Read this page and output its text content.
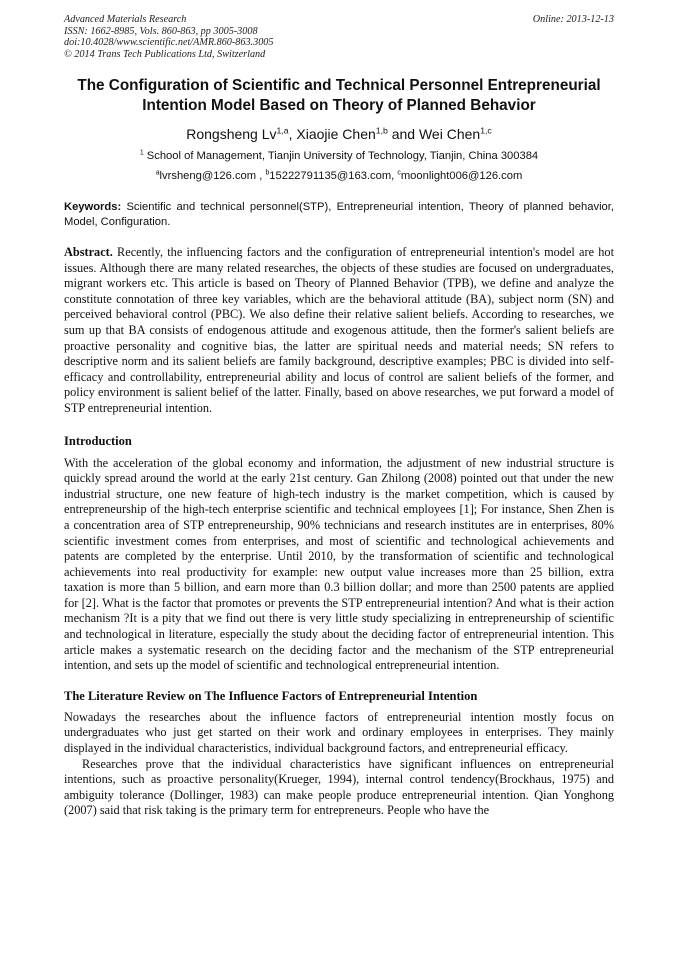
Advanced Materials Research
ISSN: 1662-8985, Vols. 860-863, pp 3005-3008
doi:10.4028/www.scientific.net/AMR.860-863.3005
© 2014 Trans Tech Publications Ltd, Switzerland
Online: 2013-12-13
The Configuration of Scientific and Technical Personnel Entrepreneurial Intention Model Based on Theory of Planned Behavior
Rongsheng Lv$^{1,a}$, Xiaojie Chen$^{1,b}$ and Wei Chen$^{1,c}$
$^1$ School of Management, Tianjin University of Technology, Tianjin, China 300384
$^a$lvrsheng@126.com , $^b$15222791135@163.com, $^c$moonlight006@126.com
Keywords: Scientific and technical personnel(STP), Entrepreneurial intention, Theory of planned behavior, Model, Configuration.

Abstract. Recently, the influencing factors and the configuration of entrepreneurial intention's model are hot issues. Although there are many related researches, the objects of these studies are focused on undergraduates, migrant workers etc. This article is based on Theory of Planned Behavior (TPB), we define and analyze the constitute connotation of three key variables, which are the behavioral attitude (BA), subject norm (SN) and perceived behavioral control (PBC). We also define their relative salient beliefs. According to researches, we sum up that BA consists of endogenous attitude and exogenous attitude, then the former's salient beliefs are proactive personality and cognitive bias, the latter are spiritual needs and material needs; SN refers to descriptive norm and its salient beliefs are family background, descriptive examples; PBC is divided into self-efficacy and controllability, entrepreneurial ability and locus of control are salient beliefs of the former, and policy environment is salient belief of the latter. Finally, based on above researches, we put forward a model of STP entrepreneurial intention.

Introduction

With the acceleration of the global economy and information, the adjustment of new industrial structure is quickly spread around the world at the early 21st century. Gan Zhilong (2008) pointed out that under the new industrial structure, one new feature of high-tech industry is the market competition, which is caused by entrepreneurship of the high-tech enterprise scientific and technical employees [1]; For instance, Shen Zhen is a concentration area of STP entrepreneurship, 90% technicians and research institutes are in enterprises, 80% scientific investment comes from enterprises, and most of scientific and technological achievements and patents are completed by the enterprise. Until 2010, by the transformation of scientific and technological achievements into real productivity for example: new output value increases more than 25 billion, extra taxation is more than 5 billion, and earn more than 0.3 billion dollar; and more than 2500 patents are applied for [2]. What is the factor that promotes or prevents the STP entrepreneurial intention? And what is their action mechanism ?It is a pity that we find out there is very little study specializing in entrepreneurship of scientific and technological in literature, especially the study about the deciding factor of entrepreneurial intention. This article makes a systematic research on the deciding factor and the mechanism of the STP entrepreneurial intention, and sets up the model of scientific and technological entrepreneurial intention.

The Literature Review on The Influence Factors of Entrepreneurial Intention

Nowadays the researches about the influence factors of entrepreneurial intention mostly focus on undergraduates who just get started on their work and ordinary employees in enterprises. They mainly displayed in the individual characteristics, individual background factors, and entrepreneurial efficacy.

Researches prove that the individual characteristics have significant influences on entrepreneurial intentions, such as proactive personality(Krueger, 1994), internal control tendency(Brockhaus, 1975) and ambiguity tolerance (Dollinger, 1983) can make people produce entrepreneurial intention. Qian Yonghong (2007) said that risk taking is the primary term for entrepreneurs. People who have the
